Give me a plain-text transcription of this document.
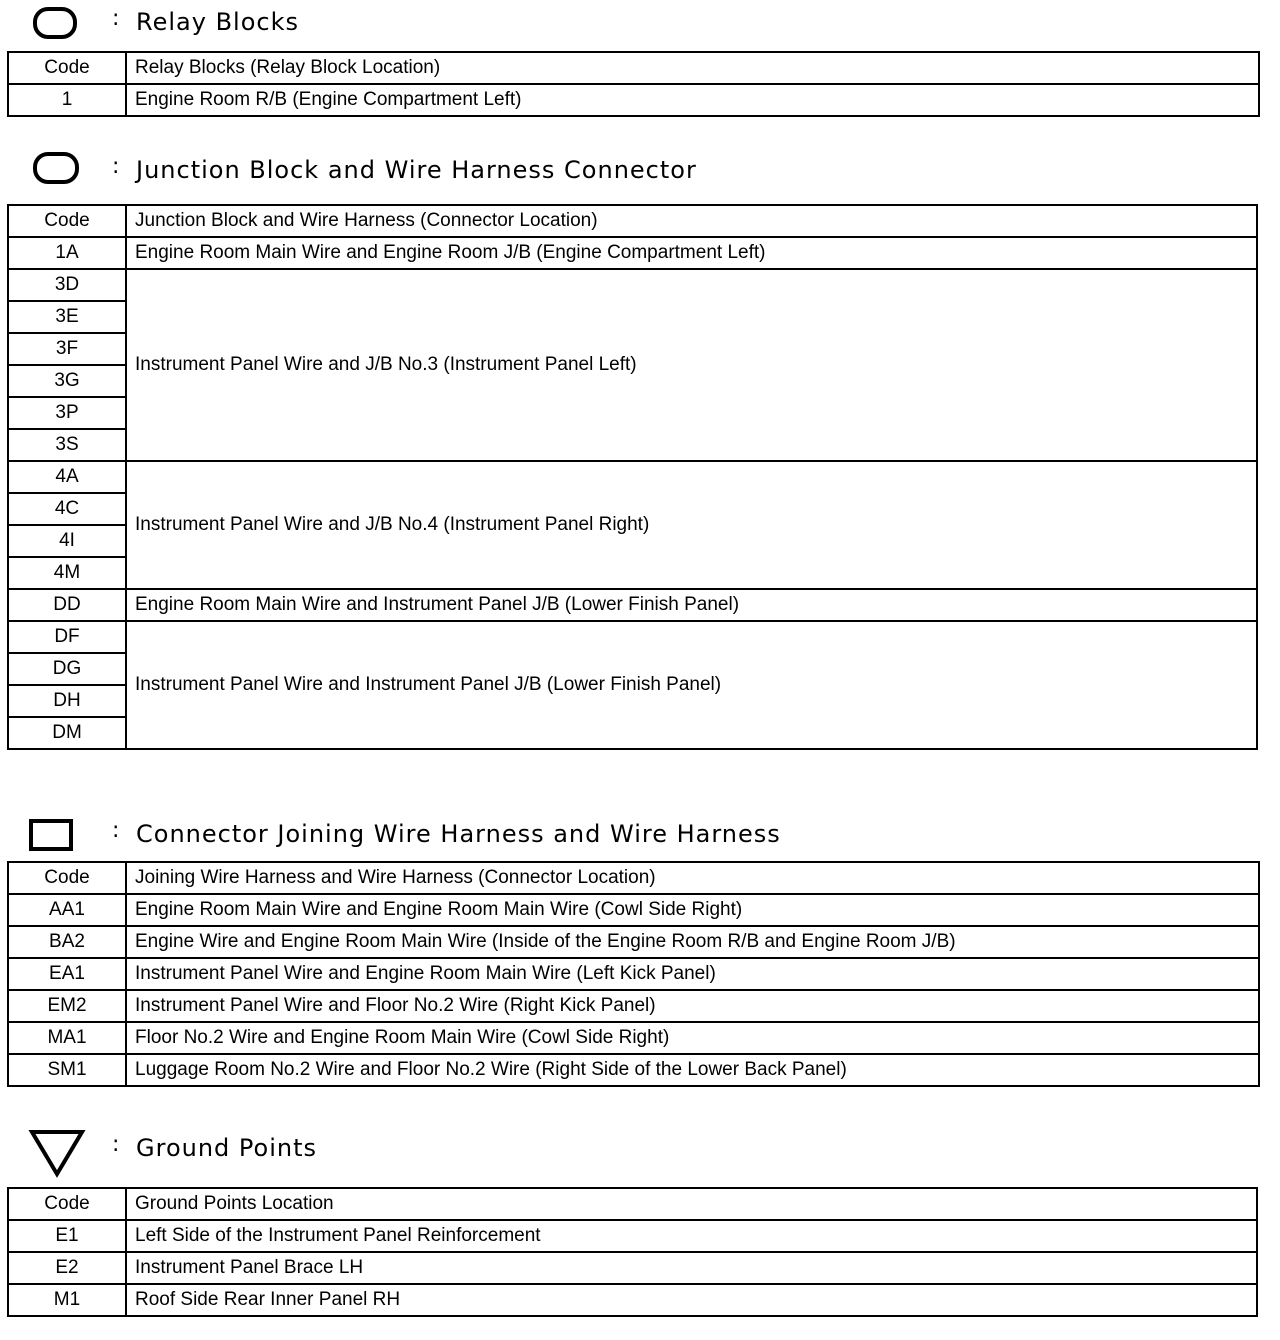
: Relay Blocks
Code	Relay Blocks (Relay Block Location)
1	Engine Room R/B (Engine Compartment Left)
: Junction Block and Wire Harness Connector
Code	Junction Block and Wire Harness (Connector Location)
1A	Engine Room Main Wire and Engine Room J/B (Engine Compartment Left)
3D	Instrument Panel Wire and J/B No.3 (Instrument Panel Left)
3E	
3F	
3G	
3P	
3S	
4A	Instrument Panel Wire and J/B No.4 (Instrument Panel Right)
4C	
4I	
4M	
DD	Engine Room Main Wire and Instrument Panel J/B (Lower Finish Panel)
DF	Instrument Panel Wire and Instrument Panel J/B (Lower Finish Panel)
DG	
DH	
DM	
: Connector Joining Wire Harness and Wire Harness
Code	Joining Wire Harness and Wire Harness (Connector Location)
AA1	Engine Room Main Wire and Engine Room Main Wire (Cowl Side Right)
BA2	Engine Wire and Engine Room Main Wire (Inside of the Engine Room R/B and Engine Room J/B)
EA1	Instrument Panel Wire and Engine Room Main Wire (Left Kick Panel)
EM2	Instrument Panel Wire and Floor No.2 Wire (Right Kick Panel)
MA1	Floor No.2 Wire and Engine Room Main Wire (Cowl Side Right)
SM1	Luggage Room No.2 Wire and Floor No.2 Wire (Right Side of the Lower Back Panel)
: Ground Points
Code	Ground Points Location
E1	Left Side of the Instrument Panel Reinforcement
E2	Instrument Panel Brace LH
M1	Roof Side Rear Inner Panel RH
